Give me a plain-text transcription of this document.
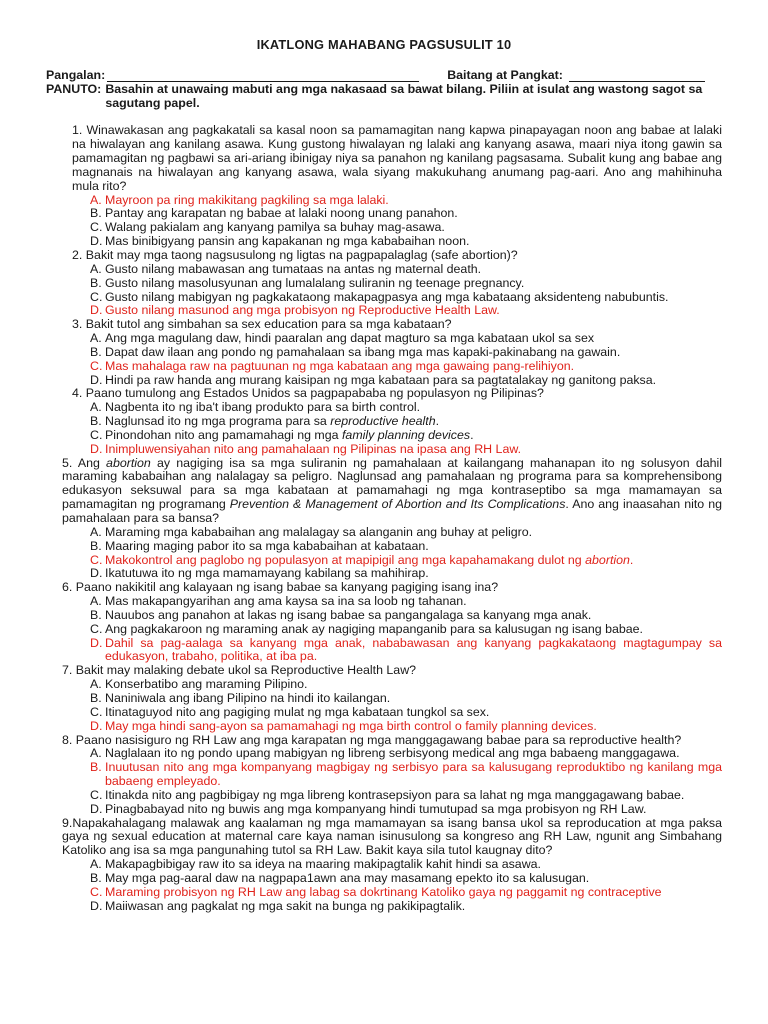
IKATLONG MAHABANG PAGSUSULIT 10
Pangalan:	Baitang at Pangkat:
PANUTO: Basahin at unawaing mabuti ang mga nakasaad sa bawat bilang. Piliin at isulat ang wastong sagot sa sagutang papel.
1. Winawakasan ang pagkakatali sa kasal noon sa pamamagitan nang kapwa pinapayagan noon ang babae at lalaki na hiwalayan ang kanilang asawa. Kung gustong hiwalayan ng lalaki ang kanyang asawa, maari niya itong gawin sa pamamagitan ng pagbawi sa ari-ariang ibinigay niya sa panahon ng kanilang pagsasama. Subalit kung ang babae ang magnanais na hiwalayan ang kanyang asawa, wala siyang makukuhang anumang pag-aari. Ano ang mahihinuha mula rito?
A. Mayroon pa ring makikitang pagkiling sa mga lalaki.
B. Pantay ang karapatan ng babae at lalaki noong unang panahon.
C. Walang pakialam ang kanyang pamilya sa buhay mag-asawa.
D. Mas binibigyang pansin ang kapakanan ng mga kababaihan noon.
2. Bakit may mga taong nagsusulong ng ligtas na pagpapalaglag (safe abortion)?
A. Gusto nilang mabawasan ang tumataas na antas ng maternal death.
B. Gusto nilang masolusyunan ang lumalalang suliranin ng teenage pregnancy.
C. Gusto nilang mabigyan ng pagkakataong makapagpasya ang mga kabataang aksidenteng nabubuntis.
D. Gusto nilang masunod ang mga probisyon ng Reproductive Health Law.
3. Bakit tutol ang simbahan sa sex education para sa mga kabataan?
A. Ang mga magulang daw, hindi paaralan ang dapat magturo sa mga kabataan ukol sa sex
B. Dapat daw ilaan ang pondo ng pamahalaan sa ibang mga mas kapaki-pakinabang na gawain.
C. Mas mahalaga raw na pagtuunan ng mga kabataan ang mga gawaing pang-relihiyon.
D. Hindi pa raw handa ang murang kaisipan ng mga kabataan para sa pagtatalakay ng ganitong paksa.
4. Paano tumulong ang Estados Unidos sa pagpapababa ng populasyon ng Pilipinas?
A. Nagbenta ito ng iba't ibang produkto para sa birth control.
B. Naglunsad ito ng mga programa para sa reproductive health.
C. Pinondohan nito ang pamamahagi ng mga family planning devices.
D. Inimpluwensiyahan nito ang pamahalaan ng Pilipinas na ipasa ang RH Law.
5. Ang abortion ay nagiging isa sa mga suliranin ng pamahalaan at kailangang mahanapan ito ng solusyon dahil maraming kababaihan ang nalalagay sa peligro. Naglunsad ang pamahalaan ng programa para sa komprehensibong edukasyon seksuwal para sa mga kabataan at pamamahagi ng mga kontraseptibo sa mga mamamayan sa pamamagitan ng programang Prevention & Management of Abortion and Its Complications. Ano ang inaasahan nito ng pamahalaan para sa bansa?
A. Maraming mga kababaihan ang malalagay sa alanganin ang buhay at peligro.
B. Maaring maging pabor ito sa mga kababaihan at kabataan.
C. Makokontrol ang paglobo ng populasyon at mapipigil ang mga kapahamakang dulot ng abortion.
D. Ikatutuwa ito ng mga mamamayang kabilang sa mahihirap.
6. Paano nakikitil ang kalayaan ng isang babae sa kanyang pagiging isang ina?
A. Mas makapangyarihan ang ama kaysa sa ina sa loob ng tahanan.
B. Nauubos ang panahon at lakas ng isang babae sa pangangalaga sa kanyang mga anak.
C. Ang pagkakaroon ng maraming anak ay nagiging mapanganib para sa kalusugan ng isang babae.
D. Dahil sa pag-aalaga sa kanyang mga anak, nababawasan ang kanyang pagkakataong magtagumpay sa edukasyon, trabaho, politika, at iba pa.
7. Bakit may malaking debate ukol sa Reproductive Health Law?
A. Konserbatibo ang maraming Pilipino.
B. Naniniwala ang ibang Pilipino na hindi ito kailangan.
C. Itinataguyod nito ang pagiging mulat ng mga kabataan tungkol sa sex.
D. May mga hindi sang-ayon sa pamamahagi ng mga birth control o family planning devices.
8. Paano nasisiguro ng RH Law ang mga karapatan ng mga manggagawang babae para sa reproductive health?
A. Naglalaan ito ng pondo upang mabigyan ng libreng serbisyong medical ang mga babaeng manggagawa.
B. Inuutusan nito ang mga kompanyang magbigay ng serbisyo para sa kalusugang reproduktibo ng kanilang mga babaeng empleyado.
C. Itinakda nito ang pagbibigay ng mga libreng kontrasepsiyon para sa lahat ng mga manggagawang babae.
D. Pinagbabayad nito ng buwis ang mga kompanyang hindi tumutupad sa mga probisyon ng RH Law.
9.Napakahalagang malawak ang kaalaman ng mga mamamayan sa isang bansa ukol sa reproducation at mga paksa gaya ng sexual education at maternal care kaya naman isinusulong sa kongreso ang RH Law, ngunit ang Simbahang Katoliko ang isa sa mga pangunahing tutol sa RH Law. Bakit kaya sila tutol kaugnay dito?
A. Makapagbibigay raw ito sa ideya na maaring makipagtalik kahit hindi sa asawa.
B. May mga pag-aaral daw na nagpapa1awn ana may masamang epekto ito sa kalusugan.
C. Maraming probisyon ng RH Law ang labag sa dokrtinang Katoliko gaya ng paggamit ng contraceptive
D. Maiiwasan ang pagkalat ng mga sakit na bunga ng pakikipagtalik.
